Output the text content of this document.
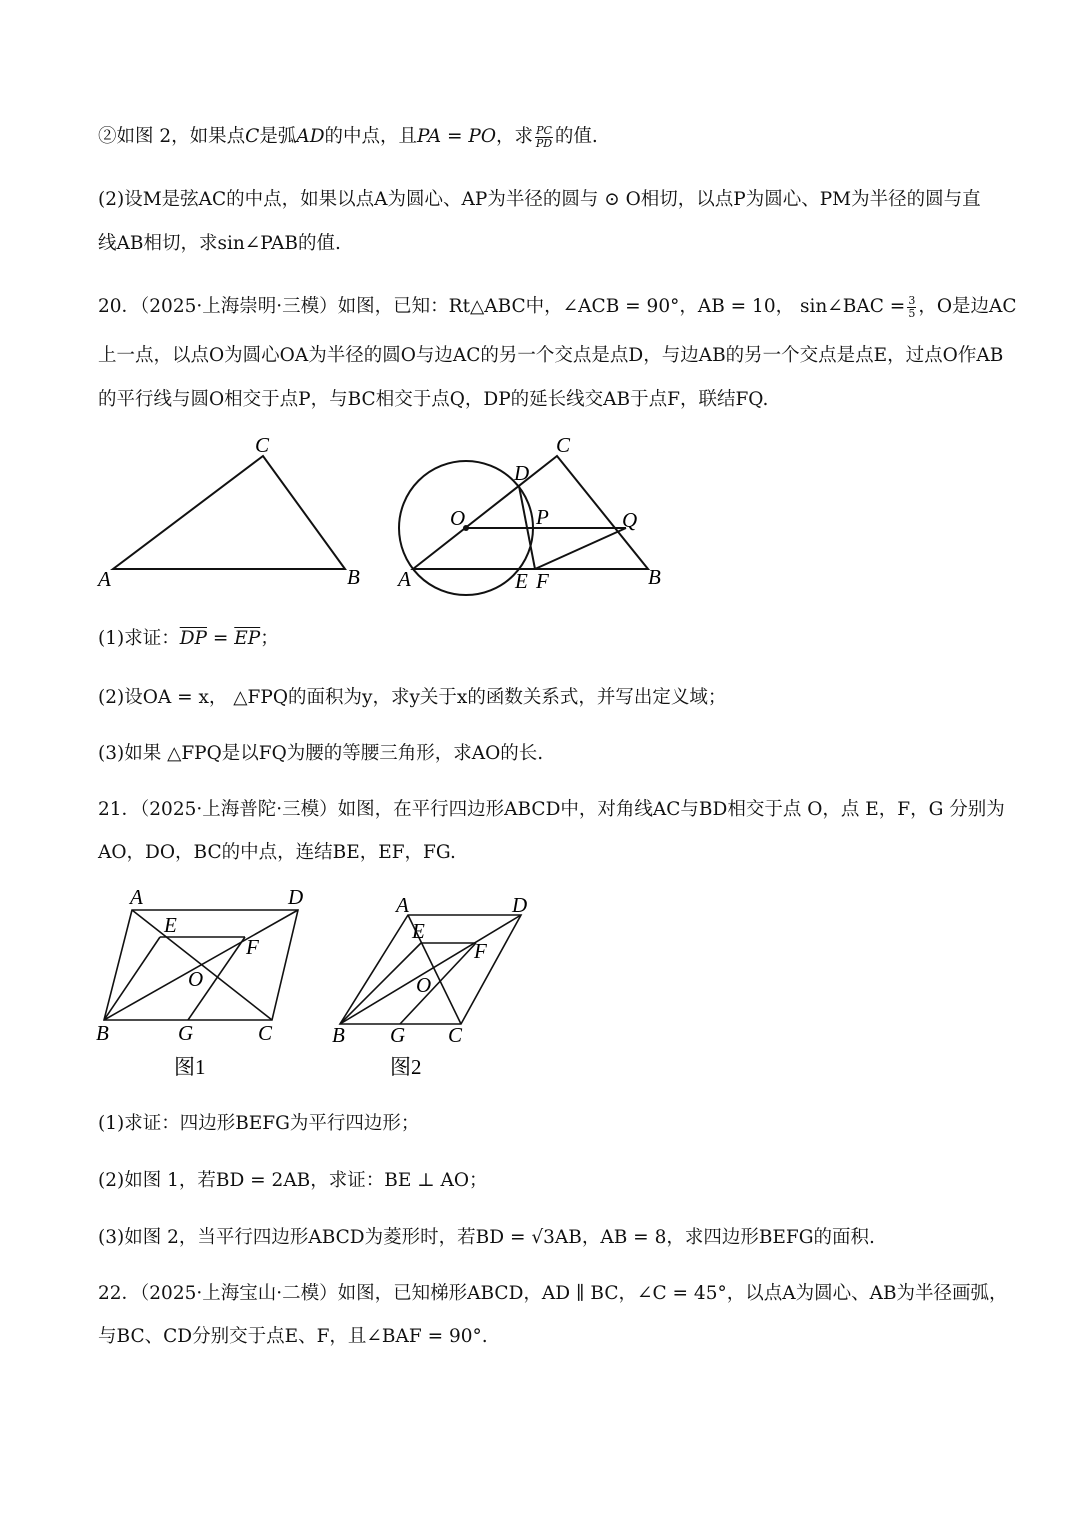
②如图 2，如果点C是弧AD的中点，且PA = PO，求 $\frac{PC}{PD}$ 的值.
(2)设M是弦AC的中点，如果以点A为圆心、AP为半径的圆与 ⊙ O相切，以点P为圆心、PM为半径的圆与直
线AB相切，求sin∠PAB的值.
20．（2025·上海崇明·三模）如图，已知：Rt△ABC中，∠ACB = 90°，AB = 10， sin∠BAC = $\frac{3}{5}$ ，O是边AC
上一点，以点O为圆心OA为半径的圆O与边AC的另一个交点是点D，与边AB的另一个交点是点E，过点O作AB
的平行线与圆O相交于点P，与BC相交于点Q，DP的延长线交AB于点F，联结FQ.
A	B
C
A	B
C
D
O	P	Q
E F
(1)求证：$\overline{DP} = \overline{EP}$；
(2)设OA = x， △FPQ的面积为y，求y关于x的函数关系式，并写出定义域；
(3)如果 △FPQ是以FQ为腰的等腰三角形，求AO的长.
21．（2025·上海普陀·三模）如图，在平行四边形ABCD中，对角线AC与BD相交于点 O，点 E，F，G 分别为
AO，DO，BC的中点，连结BE，EF，FG.
A	D
E
F
O
B	G	C
图1
A	D
E
F
O
B G C
图2
(1)求证：四边形BEFG为平行四边形；
(2)如图 1，若BD = 2AB，求证：BE ⊥ AO；
(3)如图 2，当平行四边形ABCD为菱形时，若BD = √3AB，AB = 8，求四边形BEFG的面积.
22．（2025·上海宝山·二模）如图，已知梯形ABCD，AD ∥ BC，∠C = 45°，以点A为圆心、AB为半径画弧，
与BC、CD分别交于点E、F，且∠BAF = 90°.
